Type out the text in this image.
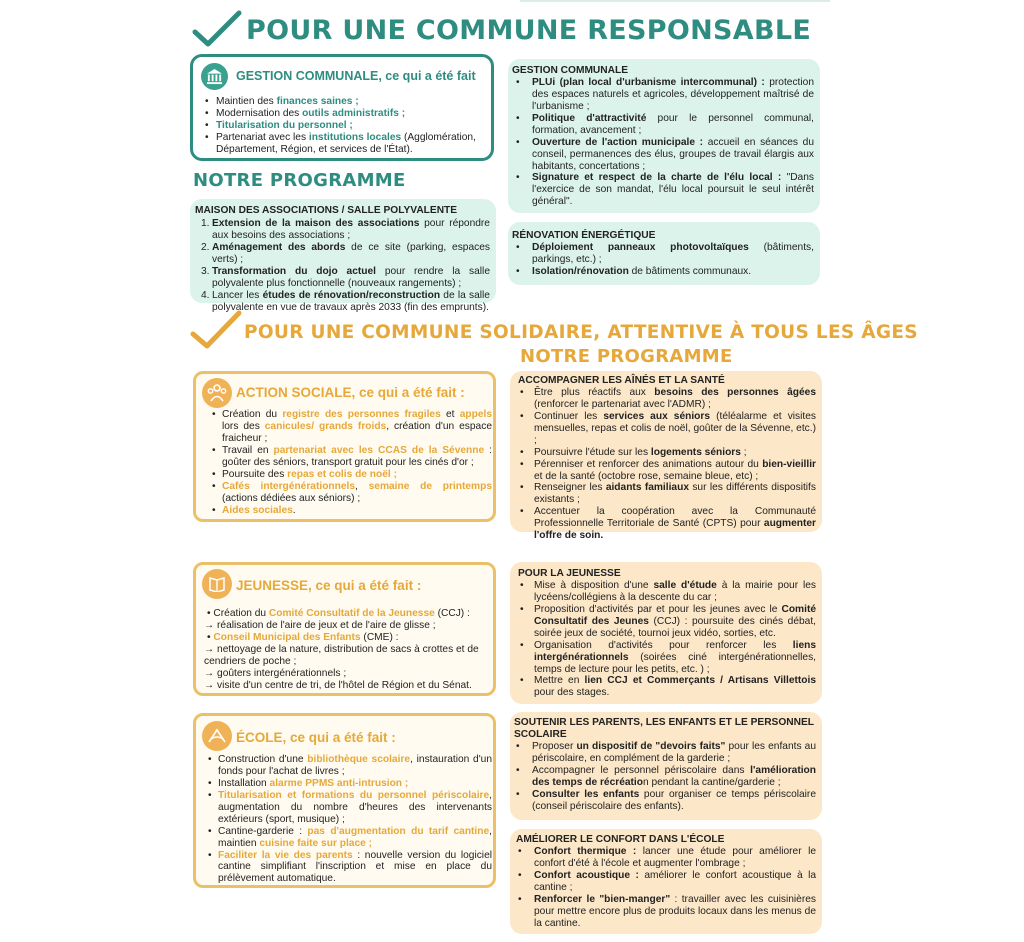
POUR UNE COMMUNE RESPONSABLE
GESTION COMMUNALE, ce qui a été fait
• Maintien des finances saines ;
• Modernisation des outils administratifs ;
• Titularisation du personnel ;
• Partenariat avec les institutions locales (Agglomération, Département, Région, et services de l'État).
NOTRE PROGRAMME
MAISON DES ASSOCIATIONS / SALLE POLYVALENTE
1. Extension de la maison des associations pour répondre aux besoins des associations ;
2. Aménagement des abords de ce site (parking, espaces verts) ;
3. Transformation du dojo actuel pour rendre la salle polyvalente plus fonctionnelle (nouveaux rangements) ;
4. Lancer les études de rénovation/reconstruction de la salle polyvalente en vue de travaux après 2033 (fin des emprunts).
GESTION COMMUNALE
• PLUi (plan local d'urbanisme intercommunal) : protection des espaces naturels et agricoles, développement maîtrisé de l'urbanisme ;
• Politique d'attractivité pour le personnel communal, formation, avancement ;
• Ouverture de l'action municipale : accueil en séances du conseil, permanences des élus, groupes de travail élargis aux habitants, concertations ;
• Signature et respect de la charte de l'élu local : "Dans l'exercice de son mandat, l'élu local poursuit le seul intérêt général".
RÉNOVATION ÉNERGÉTIQUE
• Déploiement panneaux photovoltaïques (bâtiments, parkings, etc.) ;
• Isolation/rénovation de bâtiments communaux.
POUR UNE COMMUNE SOLIDAIRE, ATTENTIVE À TOUS LES ÂGES
NOTRE PROGRAMME
ACTION SOCIALE, ce qui a été fait :
• Création du registre des personnes fragiles et appels lors des canicules/ grands froids, création d'un espace fraicheur ;
• Travail en partenariat avec les CCAS de la Sévenne : goûter des séniors, transport gratuit pour les cinés d'or ;
• Poursuite des repas et colis de noël ;
• Cafés intergénérationnels, semaine de printemps (actions dédiées aux séniors) ;
• Aides sociales.
ACCOMPAGNER LES AÎNÉS ET LA SANTÉ
• Être plus réactifs aux besoins des personnes âgées (renforcer le partenariat avec l'ADMR) ;
• Continuer les services aux séniors (téléalarme et visites mensuelles, repas et colis de noël, goûter de la Sévenne, etc.) ;
• Poursuivre l'étude sur les logements séniors ;
• Pérenniser et renforcer des animations autour du bien-vieillir et de la santé (octobre rose, semaine bleue, etc) ;
• Renseigner les aidants familiaux sur les différents dispositifs existants ;
• Accentuer la coopération avec la Communauté Professionnelle Territoriale de Santé (CPTS) pour augmenter l'offre de soin.
JEUNESSE, ce qui a été fait :
• Création du Comité Consultatif de la Jeunesse (CCJ) :
→ réalisation de l'aire de jeux et de l'aire de glisse ;
• Conseil Municipal des Enfants (CME) :
→ nettoyage de la nature, distribution de sacs à crottes et de cendriers de poche ;
→ goûters intergénérationnels ;
→ visite d'un centre de tri, de l'hôtel de Région et du Sénat.
POUR LA JEUNESSE
• Mise à disposition d'une salle d'étude à la mairie pour les lycéens/collégiens à la descente du car ;
• Proposition d'activités par et pour les jeunes avec le Comité Consultatif des Jeunes (CCJ) : poursuite des cinés débat, soirée jeux de société, tournoi jeux vidéo, sorties, etc.
• Organisation d'activités pour renforcer les liens intergénérationnels (soirées ciné intergénérationnelles, temps de lecture pour les petits, etc. ) ;
• Mettre en lien CCJ et Commerçants / Artisans Villettois pour des stages.
ÉCOLE, ce qui a été fait :
• Construction d'une bibliothèque scolaire, instauration d'un fonds pour l'achat de livres ;
• Installation alarme PPMS anti-intrusion ;
• Titularisation et formations du personnel périscolaire, augmentation du nombre d'heures des intervenants extérieurs (sport, musique) ;
• Cantine-garderie : pas d'augmentation du tarif cantine, maintien cuisine faite sur place ;
• Faciliter la vie des parents : nouvelle version du logiciel cantine simplifiant l'inscription et mise en place du prélèvement automatique.
SOUTENIR LES PARENTS, LES ENFANTS ET LE PERSONNEL SCOLAIRE
• Proposer un dispositif de "devoirs faits" pour les enfants au périscolaire, en complément de la garderie ;
• Accompagner le personnel périscolaire dans l'amélioration des temps de récréation pendant la cantine/garderie ;
• Consulter les enfants pour organiser ce temps périscolaire (conseil périscolaire des enfants).
AMÉLIORER LE CONFORT DANS L'ÉCOLE
• Confort thermique : lancer une étude pour améliorer le confort d'été à l'école et augmenter l'ombrage ;
• Confort acoustique : améliorer le confort acoustique à la cantine ;
• Renforcer le "bien-manger" : travailler avec les cuisinières pour mettre encore plus de produits locaux dans les menus de la cantine.
